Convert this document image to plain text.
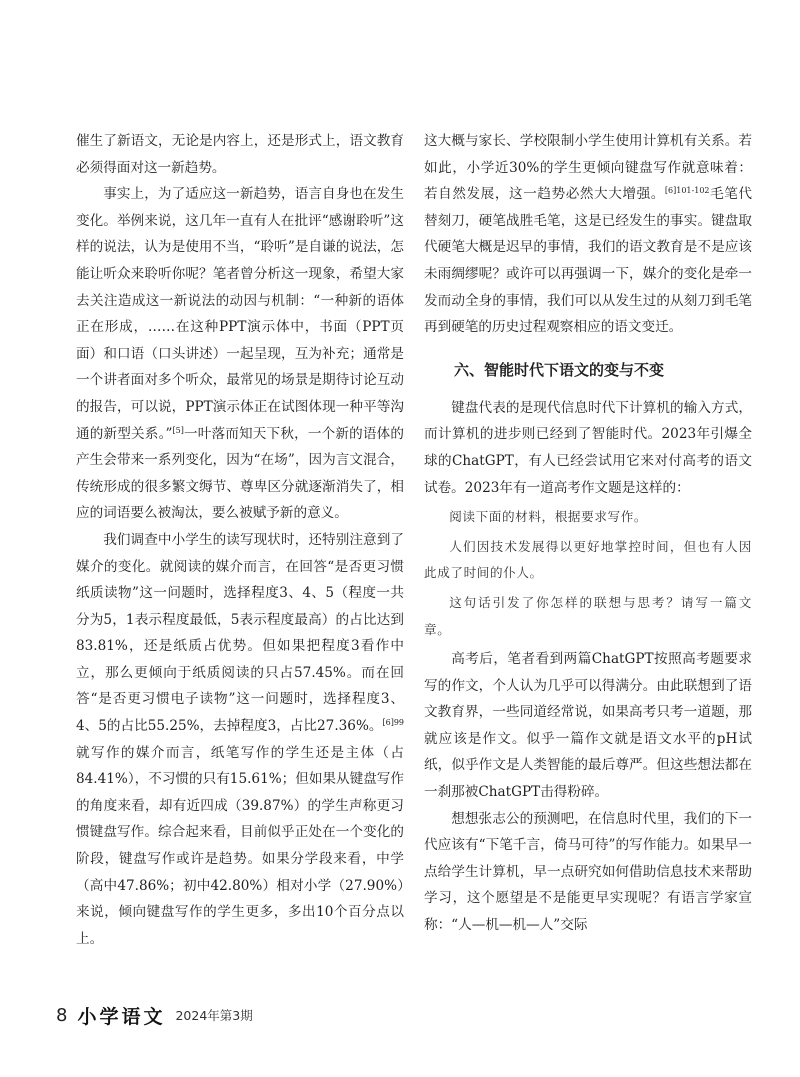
催生了新语文，无论是内容上，还是形式上，语文教育必须得面对这一新趋势。

事实上，为了适应这一新趋势，语言自身也在发生变化。举例来说，这几年一直有人在批评“感谢聆听”这样的说法，认为是使用不当，“聆听”是自谦的说法，怎能让听众来聆听你呢？笔者曾分析这一现象，希望大家去关注造成这一新说法的动因与机制：“一种新的语体正在形成，……在这种PPT演示体中，书面（PPT页面）和口语（口头讲述）一起呈现，互为补充；通常是一个讲者面对多个听众，最常见的场景是期待讨论互动的报告，可以说，PPT演示体正在试图体现一种平等沟通的新型关系。”[5]一叶落而知天下秋，一个新的语体的产生会带来一系列变化，因为“在场”，因为言文混合，传统形成的很多繁文缛节、尊卑区分就逐渐消失了，相应的词语要么被淘汰，要么被赋予新的意义。

我们调查中小学生的读写现状时，还特别注意到了媒介的变化。就阅读的媒介而言，在回答“是否更习惯纸质读物”这一问题时，选择程度3、4、5（程度一共分为5，1表示程度最低，5表示程度最高）的占比达到83.81%，还是纸质占优势。但如果把程度3看作中立，那么更倾向于纸质阅读的只占57.45%。而在回答“是否更习惯电子读物”这一问题时，选择程度3、4、5的占比55.25%，去掉程度3，占比27.36%。$^{[6]99}$就写作的媒介而言，纸笔写作的学生还是主体（占84.41%），不习惯的只有15.61%；但如果从键盘写作的角度来看，却有近四成（39.87%）的学生声称更习惯键盘写作。综合起来看，目前似乎正处在一个变化的阶段，键盘写作或许是趋势。如果分学段来看，中学（高中47.86%；初中42.80%）相对小学（27.90%）来说，倾向键盘写作的学生更多，多出10个百分点以上。

这大概与家长、学校限制小学生使用计算机有关系。若如此，小学近30%的学生更倾向键盘写作就意味着：若自然发展，这一趋势必然大大增强。$^{[6]101-102}$毛笔代替刻刀，硬笔战胜毛笔，这是已经发生的事实。键盘取代硬笔大概是迟早的事情，我们的语文教育是不是应该未雨绸缪呢？或许可以再强调一下，媒介的变化是牵一发而动全身的事情，我们可以从发生过的从刻刀到毛笔再到硬笔的历史过程观察相应的语文变迁。

六、智能时代下语文的变与不变

键盘代表的是现代信息时代下计算机的输入方式，而计算机的进步则已经到了智能时代。2023年引爆全球的ChatGPT，有人已经尝试用它来对付高考的语文试卷。2023年有一道高考作文题是这样的：

阅读下面的材料，根据要求写作。

人们因技术发展得以更好地掌控时间，但也有人因此成了时间的仆人。

这句话引发了你怎样的联想与思考？请写一篇文章。

高考后，笔者看到两篇ChatGPT按照高考题要求写的作文，个人认为几乎可以得满分。由此联想到了语文教育界，一些同道经常说，如果高考只考一道题，那就应该是作文。似乎一篇作文就是语文水平的pH试纸，似乎作文是人类智能的最后尊严。但这些想法都在一刹那被ChatGPT击得粉碎。

想想张志公的预测吧，在信息时代里，我们的下一代应该有“下笔千言，倚马可待”的写作能力。如果早一点给学生计算机，早一点研究如何借助信息技术来帮助学习，这个愿望是不是能更早实现呢？有语言学家宣称：“人—机—机—人”交际

8 小学语文 2024年第3期
